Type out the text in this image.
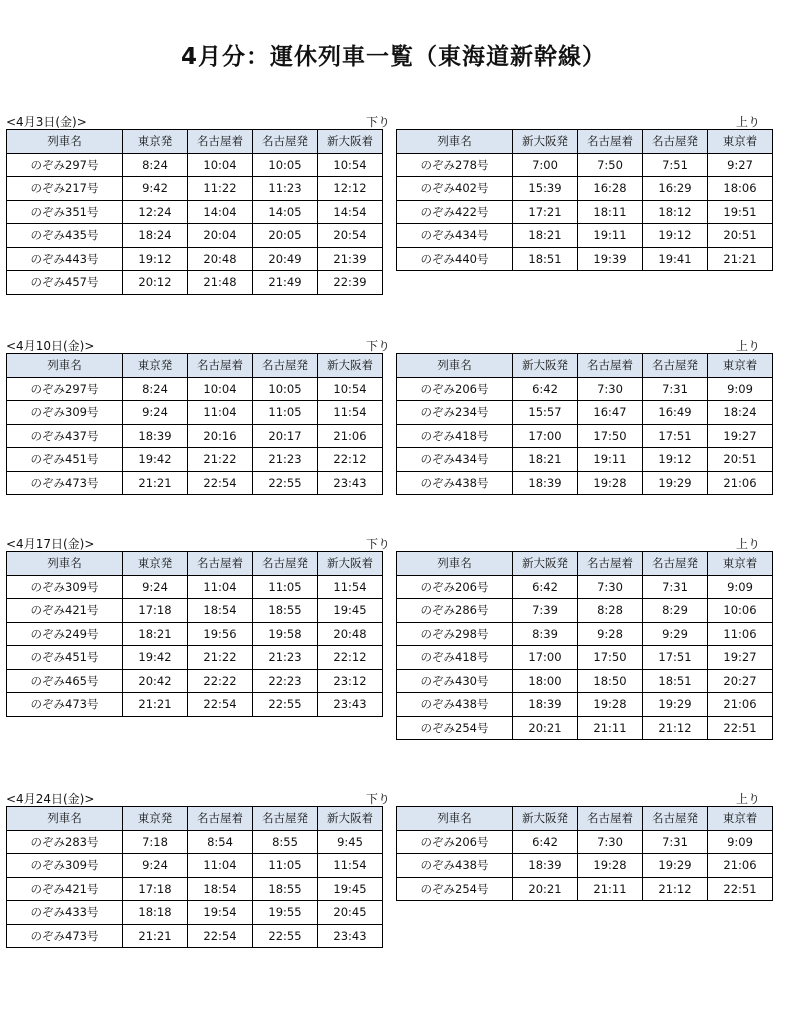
4月分：運休列車一覧（東海道新幹線）
<4月3日(金)>	下り	上り
列車名	東京発	名古屋着	名古屋発	新大阪着
のぞみ297号	8:24	10:04	10:05	10:54
のぞみ217号	9:42	11:22	11:23	12:12
のぞみ351号	12:24	14:04	14:05	14:54
のぞみ435号	18:24	20:04	20:05	20:54
のぞみ443号	19:12	20:48	20:49	21:39
のぞみ457号	20:12	21:48	21:49	22:39
列車名	新大阪発	名古屋着	名古屋発	東京着
のぞみ278号	7:00	7:50	7:51	9:27
のぞみ402号	15:39	16:28	16:29	18:06
のぞみ422号	17:21	18:11	18:12	19:51
のぞみ434号	18:21	19:11	19:12	20:51
のぞみ440号	18:51	19:39	19:41	21:21
<4月10日(金)>	下り	上り
列車名	東京発	名古屋着	名古屋発	新大阪着
のぞみ297号	8:24	10:04	10:05	10:54
のぞみ309号	9:24	11:04	11:05	11:54
のぞみ437号	18:39	20:16	20:17	21:06
のぞみ451号	19:42	21:22	21:23	22:12
のぞみ473号	21:21	22:54	22:55	23:43
列車名	新大阪発	名古屋着	名古屋発	東京着
のぞみ206号	6:42	7:30	7:31	9:09
のぞみ234号	15:57	16:47	16:49	18:24
のぞみ418号	17:00	17:50	17:51	19:27
のぞみ434号	18:21	19:11	19:12	20:51
のぞみ438号	18:39	19:28	19:29	21:06
<4月17日(金)>	下り	上り
列車名	東京発	名古屋着	名古屋発	新大阪着
のぞみ309号	9:24	11:04	11:05	11:54
のぞみ421号	17:18	18:54	18:55	19:45
のぞみ249号	18:21	19:56	19:58	20:48
のぞみ451号	19:42	21:22	21:23	22:12
のぞみ465号	20:42	22:22	22:23	23:12
のぞみ473号	21:21	22:54	22:55	23:43
列車名	新大阪発	名古屋着	名古屋発	東京着
のぞみ206号	6:42	7:30	7:31	9:09
のぞみ286号	7:39	8:28	8:29	10:06
のぞみ298号	8:39	9:28	9:29	11:06
のぞみ418号	17:00	17:50	17:51	19:27
のぞみ430号	18:00	18:50	18:51	20:27
のぞみ438号	18:39	19:28	19:29	21:06
のぞみ254号	20:21	21:11	21:12	22:51
<4月24日(金)>	下り	上り
列車名	東京発	名古屋着	名古屋発	新大阪着
のぞみ283号	7:18	8:54	8:55	9:45
のぞみ309号	9:24	11:04	11:05	11:54
のぞみ421号	17:18	18:54	18:55	19:45
のぞみ433号	18:18	19:54	19:55	20:45
のぞみ473号	21:21	22:54	22:55	23:43
列車名	新大阪発	名古屋着	名古屋発	東京着
のぞみ206号	6:42	7:30	7:31	9:09
のぞみ438号	18:39	19:28	19:29	21:06
のぞみ254号	20:21	21:11	21:12	22:51
